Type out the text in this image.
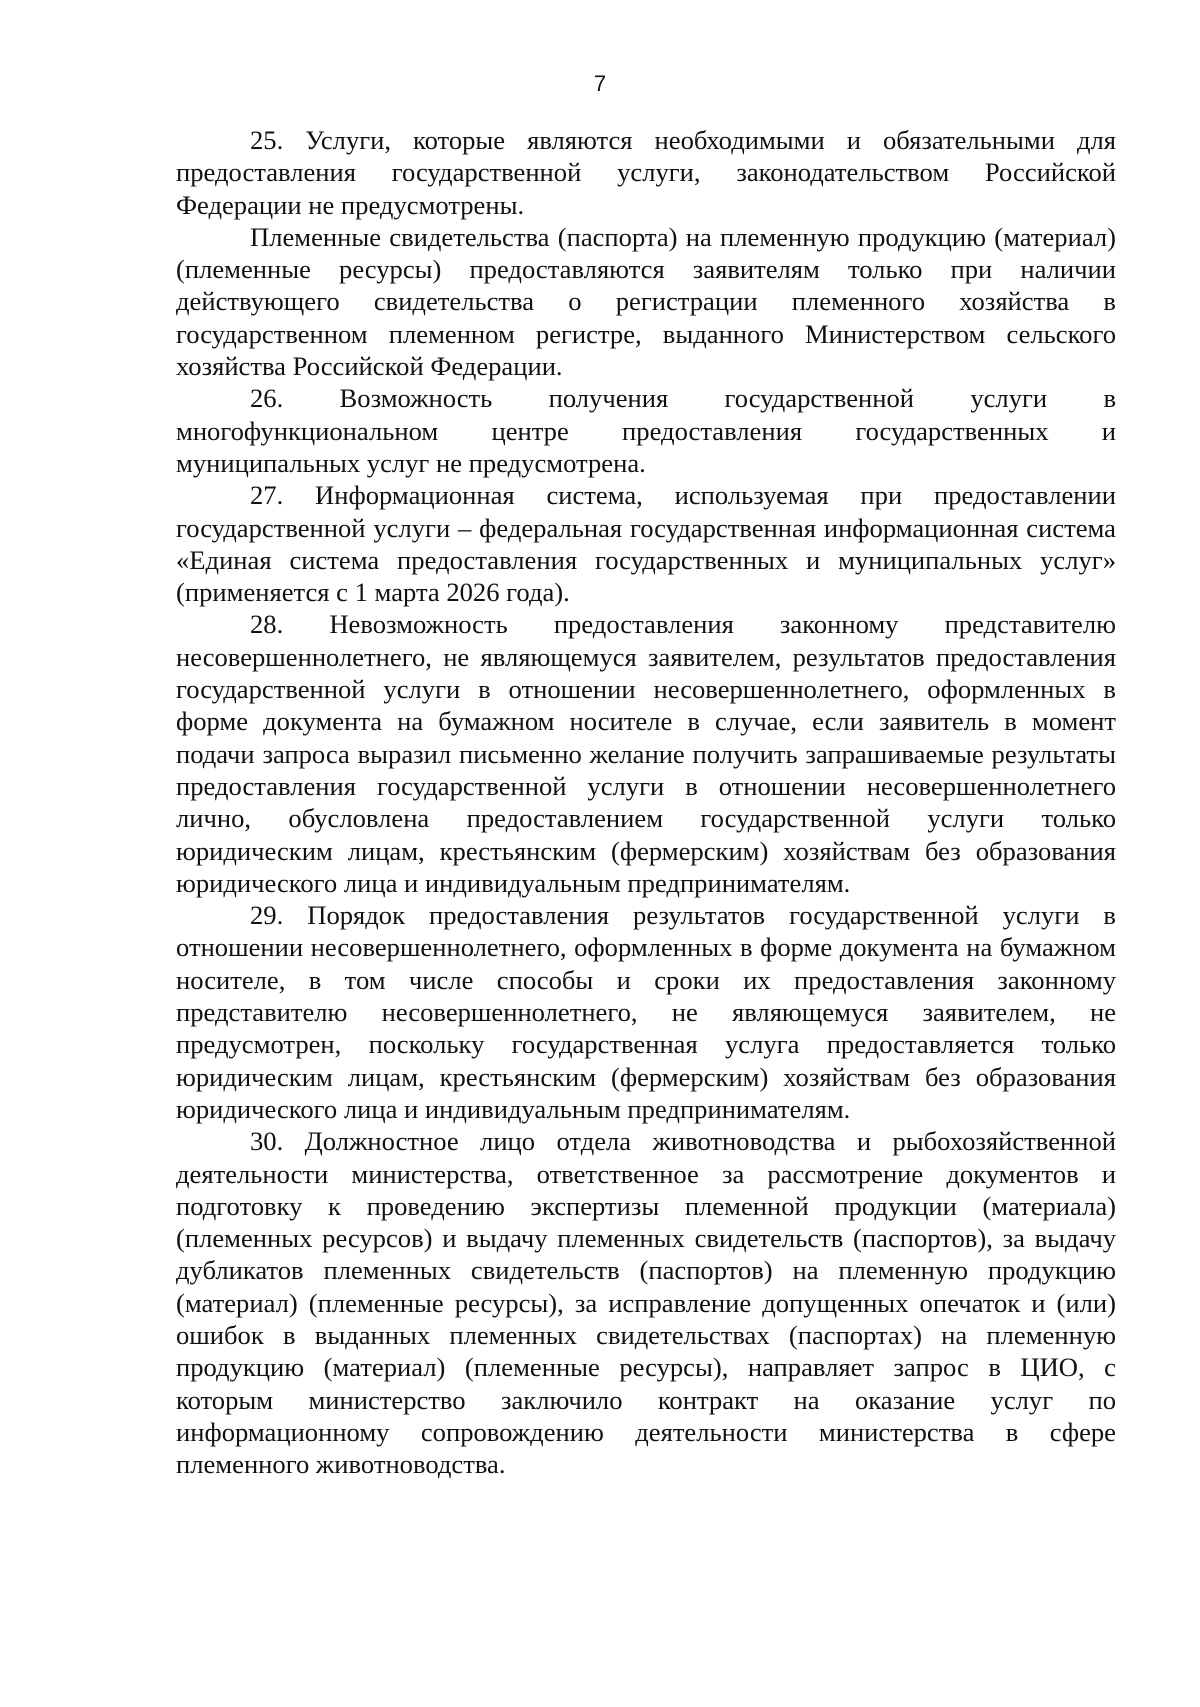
7

25. Услуги, которые являются необходимыми и обязательными для предоставления государственной услуги, законодательством Российской Федерации не предусмотрены.

Племенные свидетельства (паспорта) на племенную продукцию (материал) (племенные ресурсы) предоставляются заявителям только при наличии действующего свидетельства о регистрации племенного хозяйства в государственном племенном регистре, выданного Министерством сельского хозяйства Российской Федерации.

26. Возможность получения государственной услуги в многофункциональном центре предоставления государственных и муниципальных услуг не предусмотрена.

27. Информационная система, используемая при предоставлении государственной услуги – федеральная государственная информационная система «Единая система предоставления государственных и муниципальных услуг» (применяется с 1 марта 2026 года).

28. Невозможность предоставления законному представителю несовершеннолетнего, не являющемуся заявителем, результатов предоставления государственной услуги в отношении несовершеннолетнего, оформленных в форме документа на бумажном носителе в случае, если заявитель в момент подачи запроса выразил письменно желание получить запрашиваемые результаты предоставления государственной услуги в отношении несовершеннолетнего лично, обусловлена предоставлением государственной услуги только юридическим лицам, крестьянским (фермерским) хозяйствам без образования юридического лица и индивидуальным предпринимателям.

29. Порядок предоставления результатов государственной услуги в отношении несовершеннолетнего, оформленных в форме документа на бумажном носителе, в том числе способы и сроки их предоставления законному представителю несовершеннолетнего, не являющемуся заявителем, не предусмотрен, поскольку государственная услуга предоставляется только юридическим лицам, крестьянским (фермерским) хозяйствам без образования юридического лица и индивидуальным предпринимателям.

30. Должностное лицо отдела животноводства и рыбохозяйственной деятельности министерства, ответственное за рассмотрение документов и подготовку к проведению экспертизы племенной продукции (материала) (племенных ресурсов) и выдачу племенных свидетельств (паспортов), за выдачу дубликатов племенных свидетельств (паспортов) на племенную продукцию (материал) (племенные ресурсы), за исправление допущенных опечаток и (или) ошибок в выданных племенных свидетельствах (паспортах) на племенную продукцию (материал) (племенные ресурсы), направляет запрос в ЦИО, с которым министерство заключило контракт на оказание услуг по информационному сопровождению деятельности министерства в сфере племенного животноводства.
